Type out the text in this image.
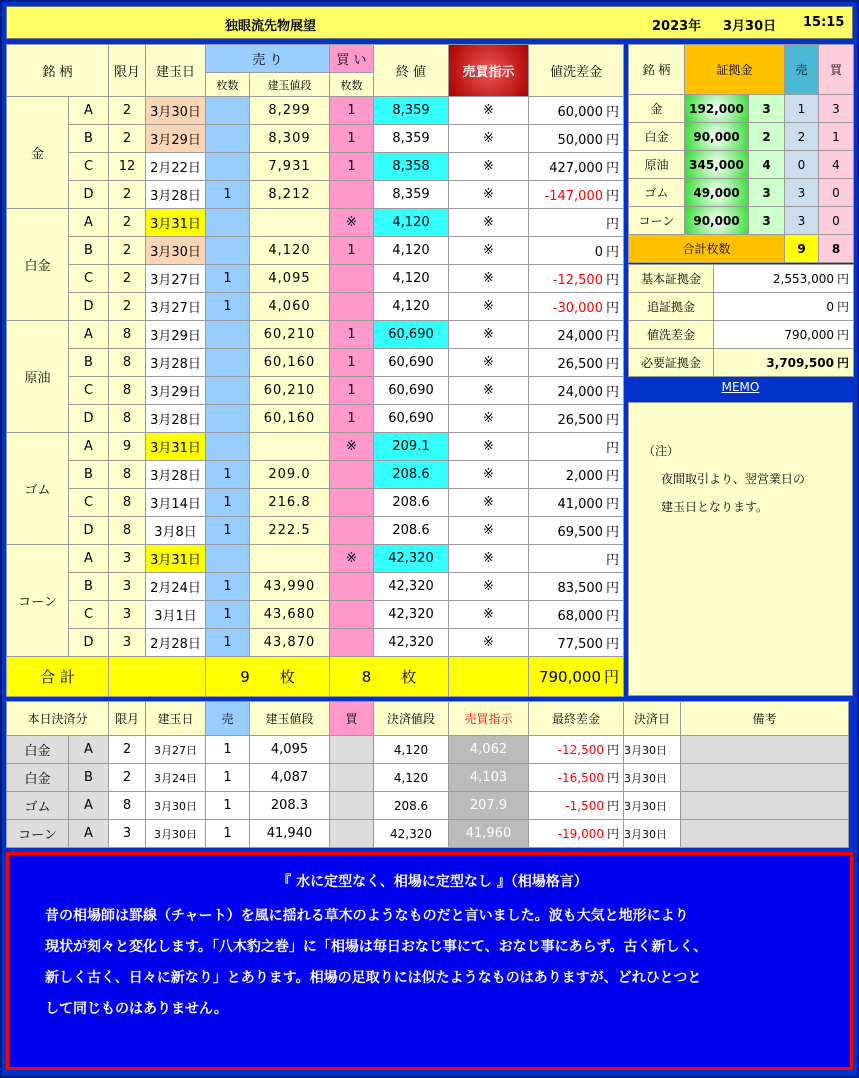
独眼流先物展望	2023年 3月30日 15:15
銘 柄		限月	建玉日	売 り		買 い	終 値	売買指示	値洗差金
				枚数	建玉値段	枚数			
金	A	2	3月30日		8,299	1	8,359	※	60,000 円
	B	2	3月29日		8,309	1	8,359	※	50,000 円
	C	12	2月22日		7,931	1	8,358	※	427,000 円
	D	2	3月28日	1	8,212		8,359	※	-147,000 円
白金	A	2	3月31日			※	4,120	※	円
	B	2	3月30日		4,120	1	4,120	※	0 円
	C	2	3月27日	1	4,095		4,120	※	-12,500 円
	D	2	3月27日	1	4,060		4,120	※	-30,000 円
原油	A	8	3月29日		60,210	1	60,690	※	24,000 円
	B	8	3月28日		60,160	1	60,690	※	26,500 円
	C	8	3月29日		60,210	1	60,690	※	24,000 円
	D	8	3月28日		60,160	1	60,690	※	26,500 円
ゴム	A	9	3月31日			※	209.1	※	円
	B	8	3月28日	1	209.0		208.6	※	2,000 円
	C	8	3月14日	1	216.8		208.6	※	41,000 円
	D	8	3月8日	1	222.5		208.6	※	69,500 円
コーン	A	3	3月31日			※	42,320	※	円
	B	3	2月24日	1	43,990		42,320	※	83,500 円
	C	3	3月1日	1	43,680		42,320	※	68,000 円
	D	3	2月28日	1	43,870		42,320	※	77,500 円
合 計				9　　 枚		8　　 枚			790,000 円
銘 柄	証拠金		売	買
金	192,000	3	1	3
白金	90,000	2	2	1
原油	345,000	4	0	4
ゴム	49,000	3	3	0
コーン	90,000	3	3	0
合計枚数			9	8
基本証拠金	2,553,000 円
追証拠金	0 円
値洗差金	790,000 円
必要証拠金	3,709,500 円
MEMO
（注）
夜間取引より、翌営業日の
建玉日となります。
本日決済分		限月	建玉日	売	建玉値段	買	決済値段	売買指示	最終差金	決済日	備考
白金	A	2	3月27日	1	4,095		4,120	4,062	-12,500 円	3月30日	
白金	B	2	3月24日	1	4,087		4,120	4,103	-16,500 円	3月30日	
ゴム	A	8	3月30日	1	208.3		208.6	207.9	-1,500 円	3月30日	
コーン	A	3	3月30日	1	41,940		42,320	41,960	-19,000 円	3月30日	
『 水に定型なく、相場に定型なし 』（相場格言）
昔の相場師は罫線（チャート）を風に揺れる草木のようなものだと言いました。波も大気と地形により
現状が刻々と変化します。「八木豹之巻」に「相場は毎日おなじ事にて、おなじ事にあらず。古く新しく、
新しく古く、日々に新なり」とあります。相場の足取りには似たようなものはありますが、どれひとつと
して同じものはありません。
